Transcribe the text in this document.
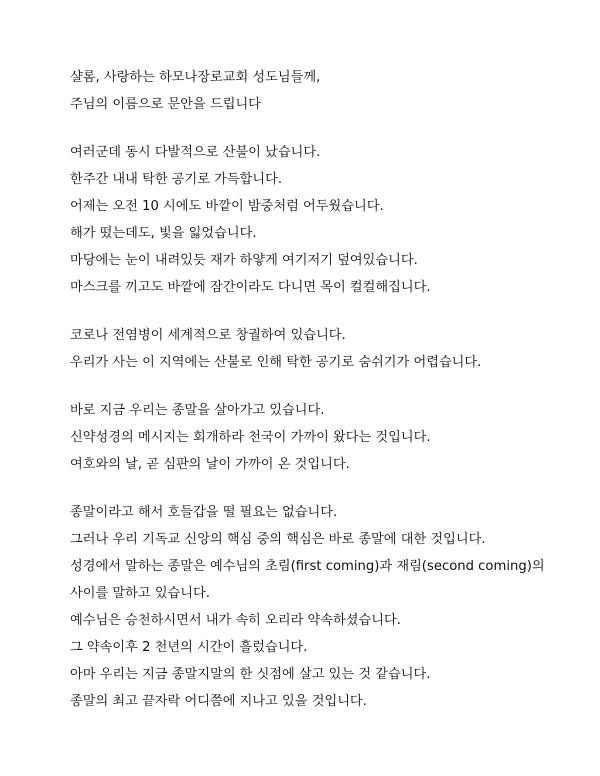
샬롬, 사랑하는 하모나장로교회 성도님들께,
주님의 이름으로 문안을 드립니다
여러군데 동시 다발적으로 산불이 났습니다.
한주간 내내 탁한 공기로 가득합니다.
어제는 오전 10 시에도 바깥이 밤중처럼 어두웠습니다.
해가 떴는데도, 빛을 잃었습니다.
마당에는 눈이 내려있듯 재가 하얗게 여기저기 덮여있습니다.
마스크를 끼고도 바깥에 잠간이라도 다니면 목이 컬컬해집니다.
코로나 전염병이 세계적으로 창궐하여 있습니다.
우리가 사는 이 지역에는 산불로 인해 탁한 공기로 숨쉬기가 어렵습니다.
바로 지금 우리는 종말을 살아가고 있습니다.
신약성경의 메시지는 회개하라 천국이 가까이 왔다는 것입니다.
여호와의 날, 곧 심판의 날이 가까이 온 것입니다.
종말이라고 해서 호들갑을 떨 필요는 없습니다.
그러나 우리 기독교 신앙의 핵심 중의 핵심은 바로 종말에 대한 것입니다.
성경에서 말하는 종말은 예수님의 초림(first coming)과 재림(second coming)의
사이를 말하고 있습니다.
예수님은 승천하시면서 내가 속히 오리라 약속하셨습니다.
그 약속이후 2 천년의 시간이 흘렀습니다.
아마 우리는 지금 종말지말의 한 싯점에 살고 있는 것 같습니다.
종말의 최고 끝자락 어디쯤에 지나고 있을 것입니다.
